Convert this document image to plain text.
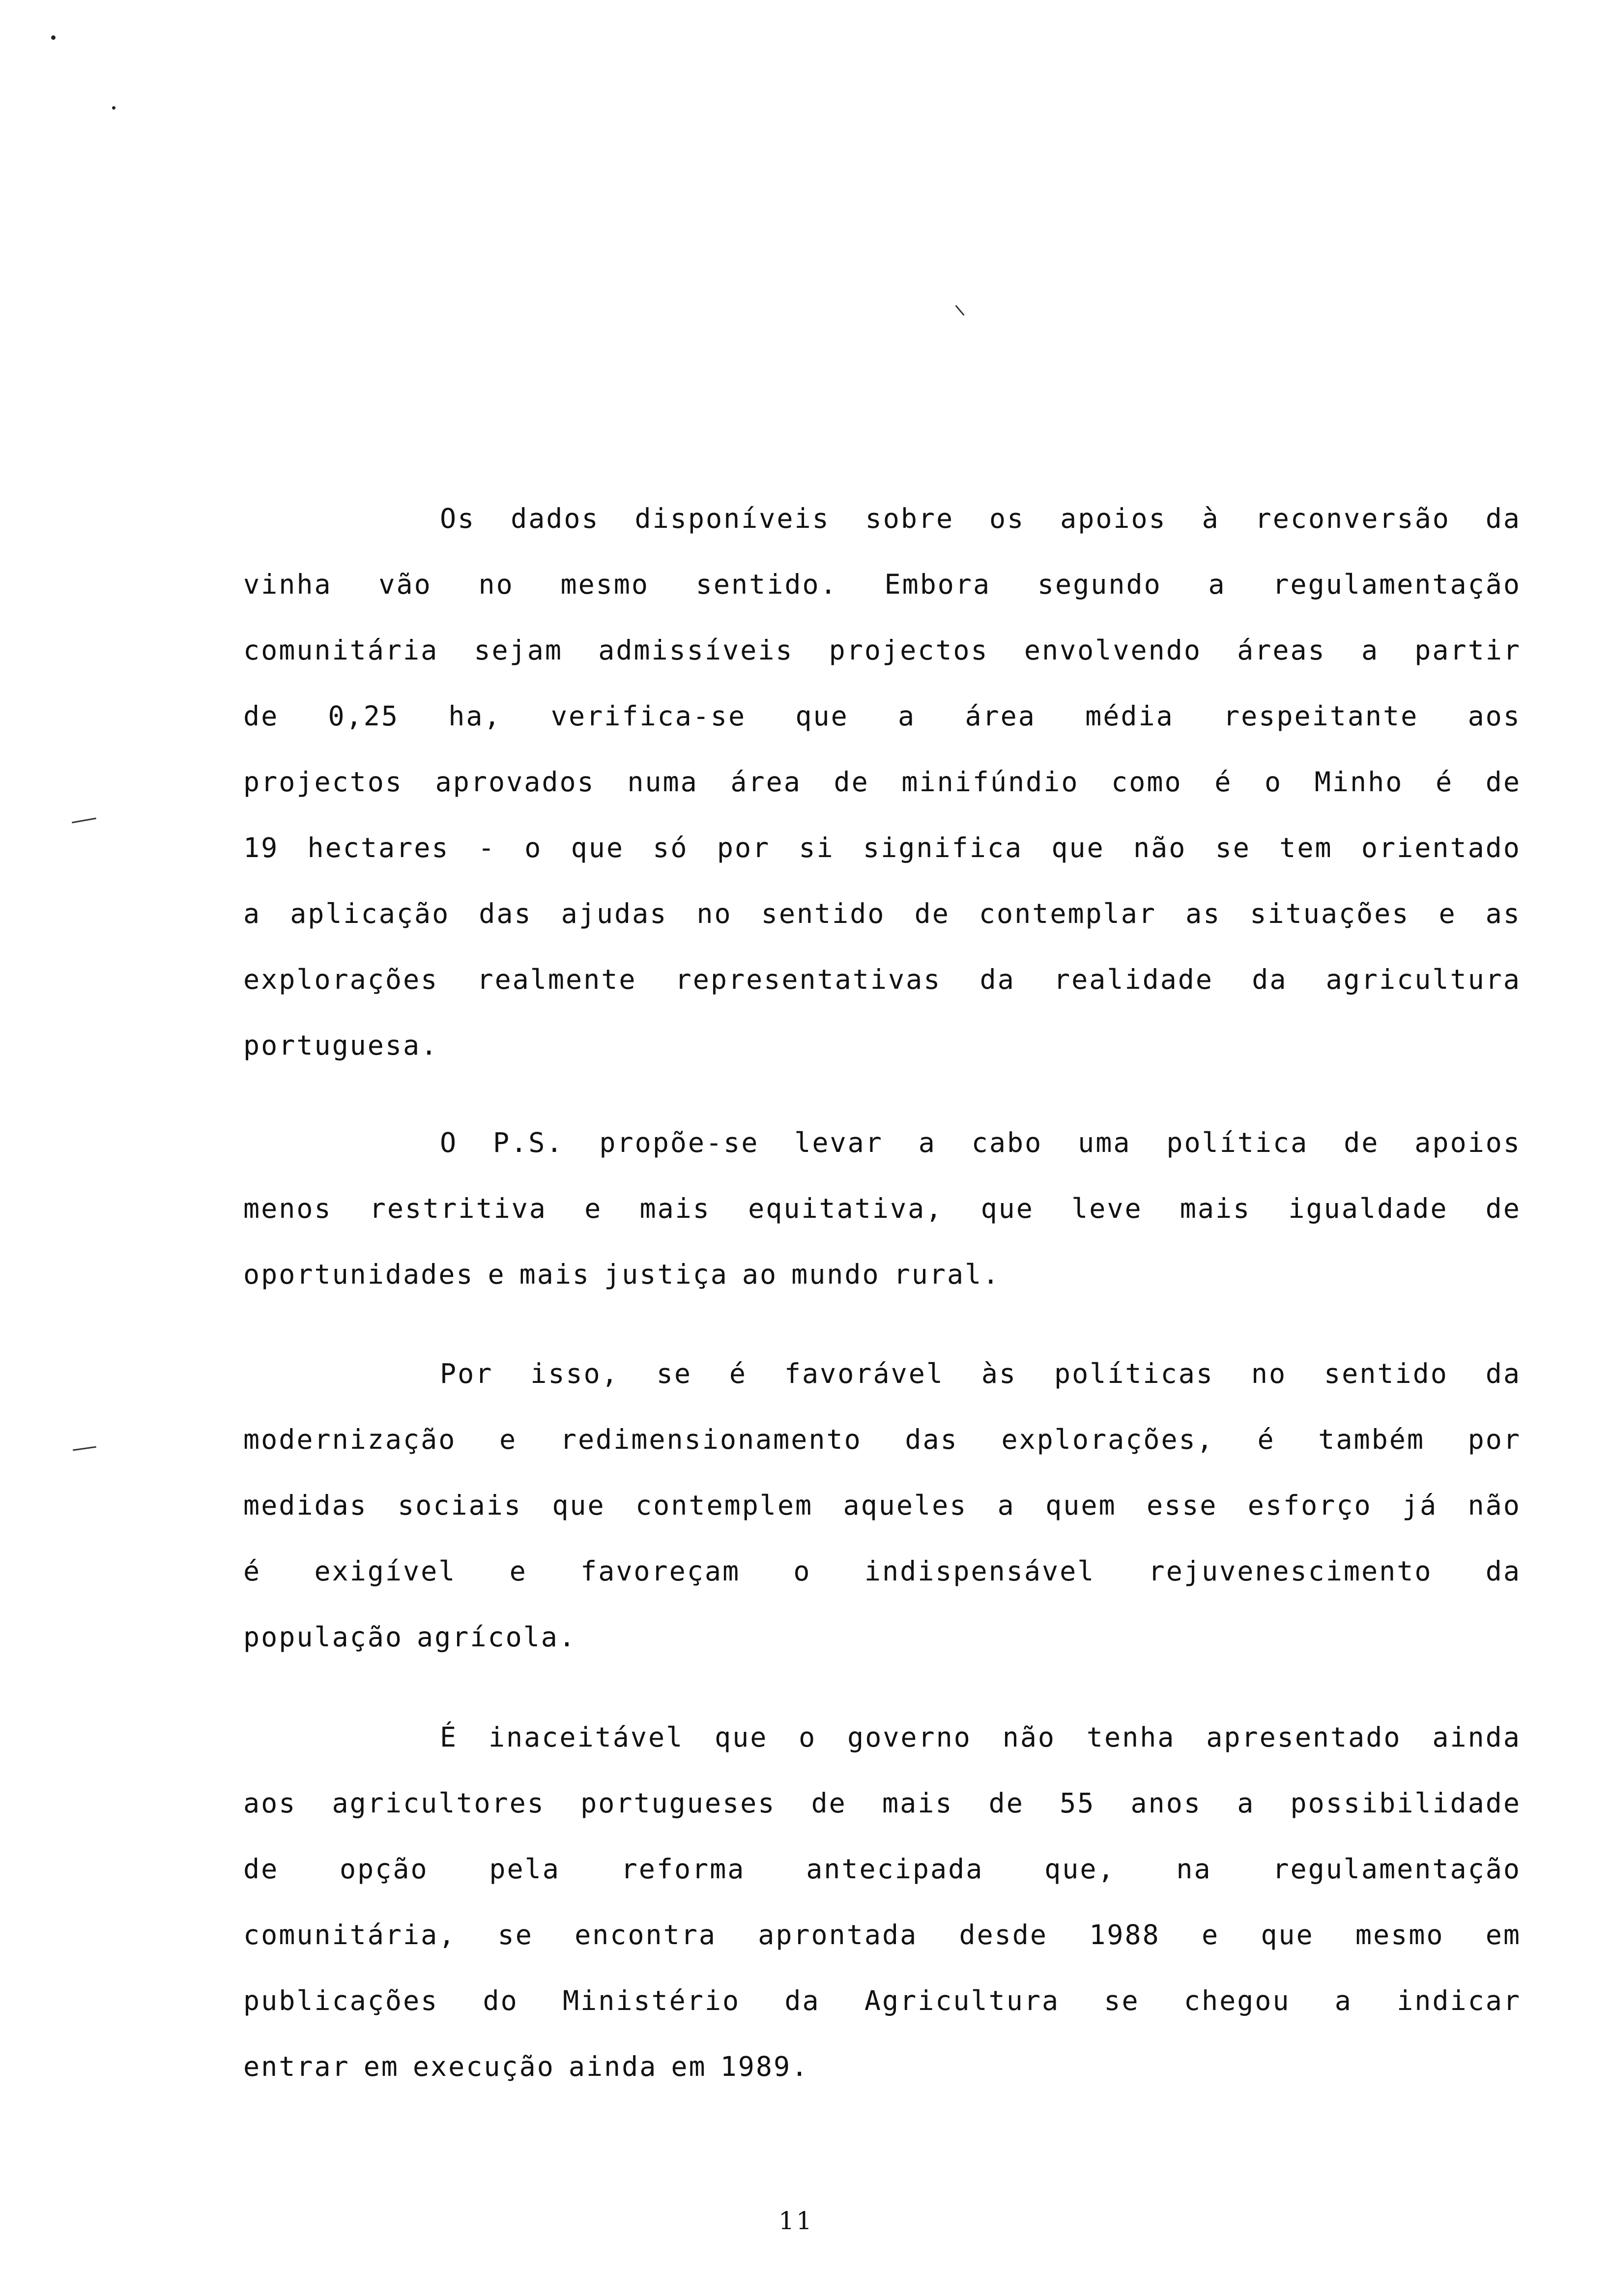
Os dados disponíveis sobre os apoios à reconversão da
vinha vão no mesmo sentido. Embora segundo a regulamentação
comunitária sejam admissíveis projectos envolvendo áreas a partir
de 0,25 ha, verifica-se que a área média respeitante aos
projectos aprovados numa área de minifúndio como é o Minho é de
19 hectares - o que só por si significa que não se tem orientado
a aplicação das ajudas no sentido de contemplar as situações e as
explorações realmente representativas da realidade da agricultura
portuguesa.
O P.S. propõe-se levar a cabo uma política de apoios
menos restritiva e mais equitativa, que leve mais igualdade de
oportunidades e mais justiça ao mundo rural.
Por isso, se é favorável às políticas no sentido da
modernização e redimensionamento das explorações, é também por
medidas sociais que contemplem aqueles a quem esse esforço já não
é exigível e favoreçam o indispensável rejuvenescimento da
população agrícola.
É inaceitável que o governo não tenha apresentado ainda
aos agricultores portugueses de mais de 55 anos a possibilidade
de opção pela reforma antecipada que, na regulamentação
comunitária, se encontra aprontada desde 1988 e que mesmo em
publicações do Ministério da Agricultura se chegou a indicar
entrar em execução ainda em 1989.
11
